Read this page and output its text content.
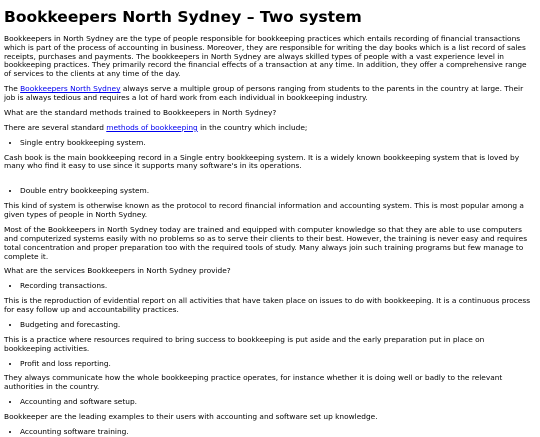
Bookkeepers North Sydney – Two system

Bookkeepers in North Sydney are the type of people responsible for bookkeeping practices which entails recording of financial transactions which is part of the process of accounting in business. Moreover, they are responsible for writing the day books which is a list record of sales receipts, purchases and payments. The bookkeepers in North Sydney are always skilled types of people with a vast experience level in bookkeeping practices. They primarily record the financial effects of a transaction at any time. In addition, they offer a comprehensive range of services to the clients at any time of the day.

The Bookkeepers North Sydney always serve a multiple group of persons ranging from students to the parents in the country at large. Their job is always tedious and requires a lot of hard work from each individual in bookkeeping industry.

What are the standard methods trained to Bookkeepers in North Sydney?

There are several standard methods of bookkeeping in the country which include;

• Single entry bookkeeping system.

Cash book is the main bookkeeping record in a Single entry bookkeeping system. It is a widely known bookkeeping system that is loved by many who find it easy to use since it supports many software's in its operations.

• Double entry bookkeeping system.

This kind of system is otherwise known as the protocol to record financial information and accounting system. This is most popular among a given types of people in North Sydney.

Most of the Bookkeepers in North Sydney today are trained and equipped with computer knowledge so that they are able to use computers and computerized systems easily with no problems so as to serve their clients to their best. However, the training is never easy and requires total concentration and proper preparation too with the required tools of study. Many always join such training programs but few manage to complete it.

What are the services Bookkeepers in North Sydney provide?

• Recording transactions.

This is the reproduction of evidential report on all activities that have taken place on issues to do with bookkeeping. It is a continuous process for easy follow up and accountability practices.

• Budgeting and forecasting.

This is a practice where resources required to bring success to bookkeeping is put aside and the early preparation put in place on bookkeeping activities.

• Profit and loss reporting.

They always communicate how the whole bookkeeping practice operates, for instance whether it is doing well or badly to the relevant authorities in the country.

• Accounting and software setup.

Bookkeeper are the leading examples to their users with accounting and software set up knowledge.

• Accounting software training.
